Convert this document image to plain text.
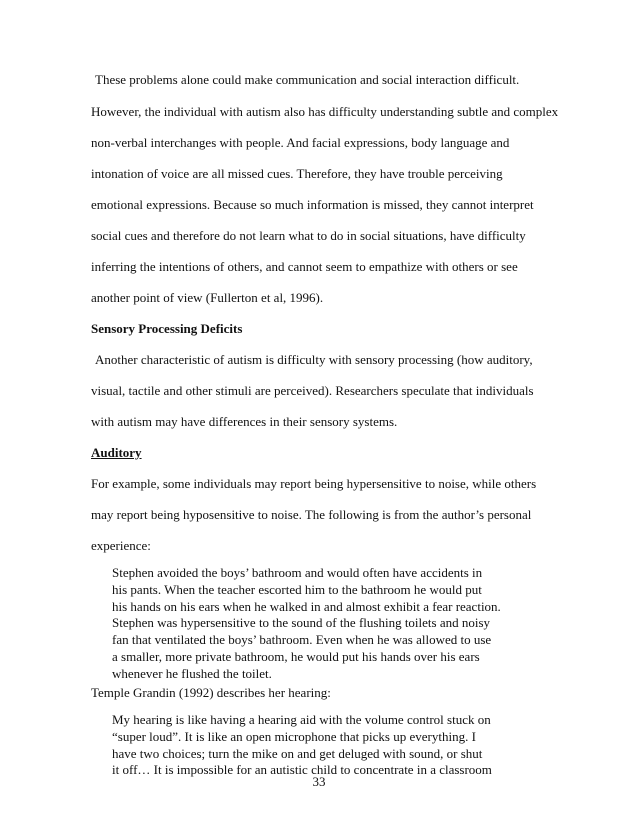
These problems alone could make communication and social interaction difficult.
However, the individual with autism also has difficulty understanding subtle and complex
non-verbal interchanges with people. And facial expressions, body language and
intonation of voice are all missed cues. Therefore, they have trouble perceiving
emotional expressions. Because so much information is missed, they cannot interpret
social cues and therefore do not learn what to do in social situations, have difficulty
inferring the intentions of others, and cannot seem to empathize with others or see
another point of view (Fullerton et al, 1996).
Sensory Processing Deficits
Another characteristic of autism is difficulty with sensory processing (how auditory,
visual, tactile and other stimuli are perceived). Researchers speculate that individuals
with autism may have differences in their sensory systems.
Auditory
For example, some individuals may report being hypersensitive to noise, while others
may report being hyposensitive to noise. The following is from the author’s personal
experience:
Stephen avoided the boys’ bathroom and would often have accidents in
his pants. When the teacher escorted him to the bathroom he would put
his hands on his ears when he walked in and almost exhibit a fear reaction.
Stephen was hypersensitive to the sound of the flushing toilets and noisy
fan that ventilated the boys’ bathroom. Even when he was allowed to use
a smaller, more private bathroom, he would put his hands over his ears
whenever he flushed the toilet.
Temple Grandin (1992) describes her hearing:
My hearing is like having a hearing aid with the volume control stuck on
“super loud”. It is like an open microphone that picks up everything. I
have two choices; turn the mike on and get deluged with sound, or shut
it off… It is impossible for an autistic child to concentrate in a classroom
33
